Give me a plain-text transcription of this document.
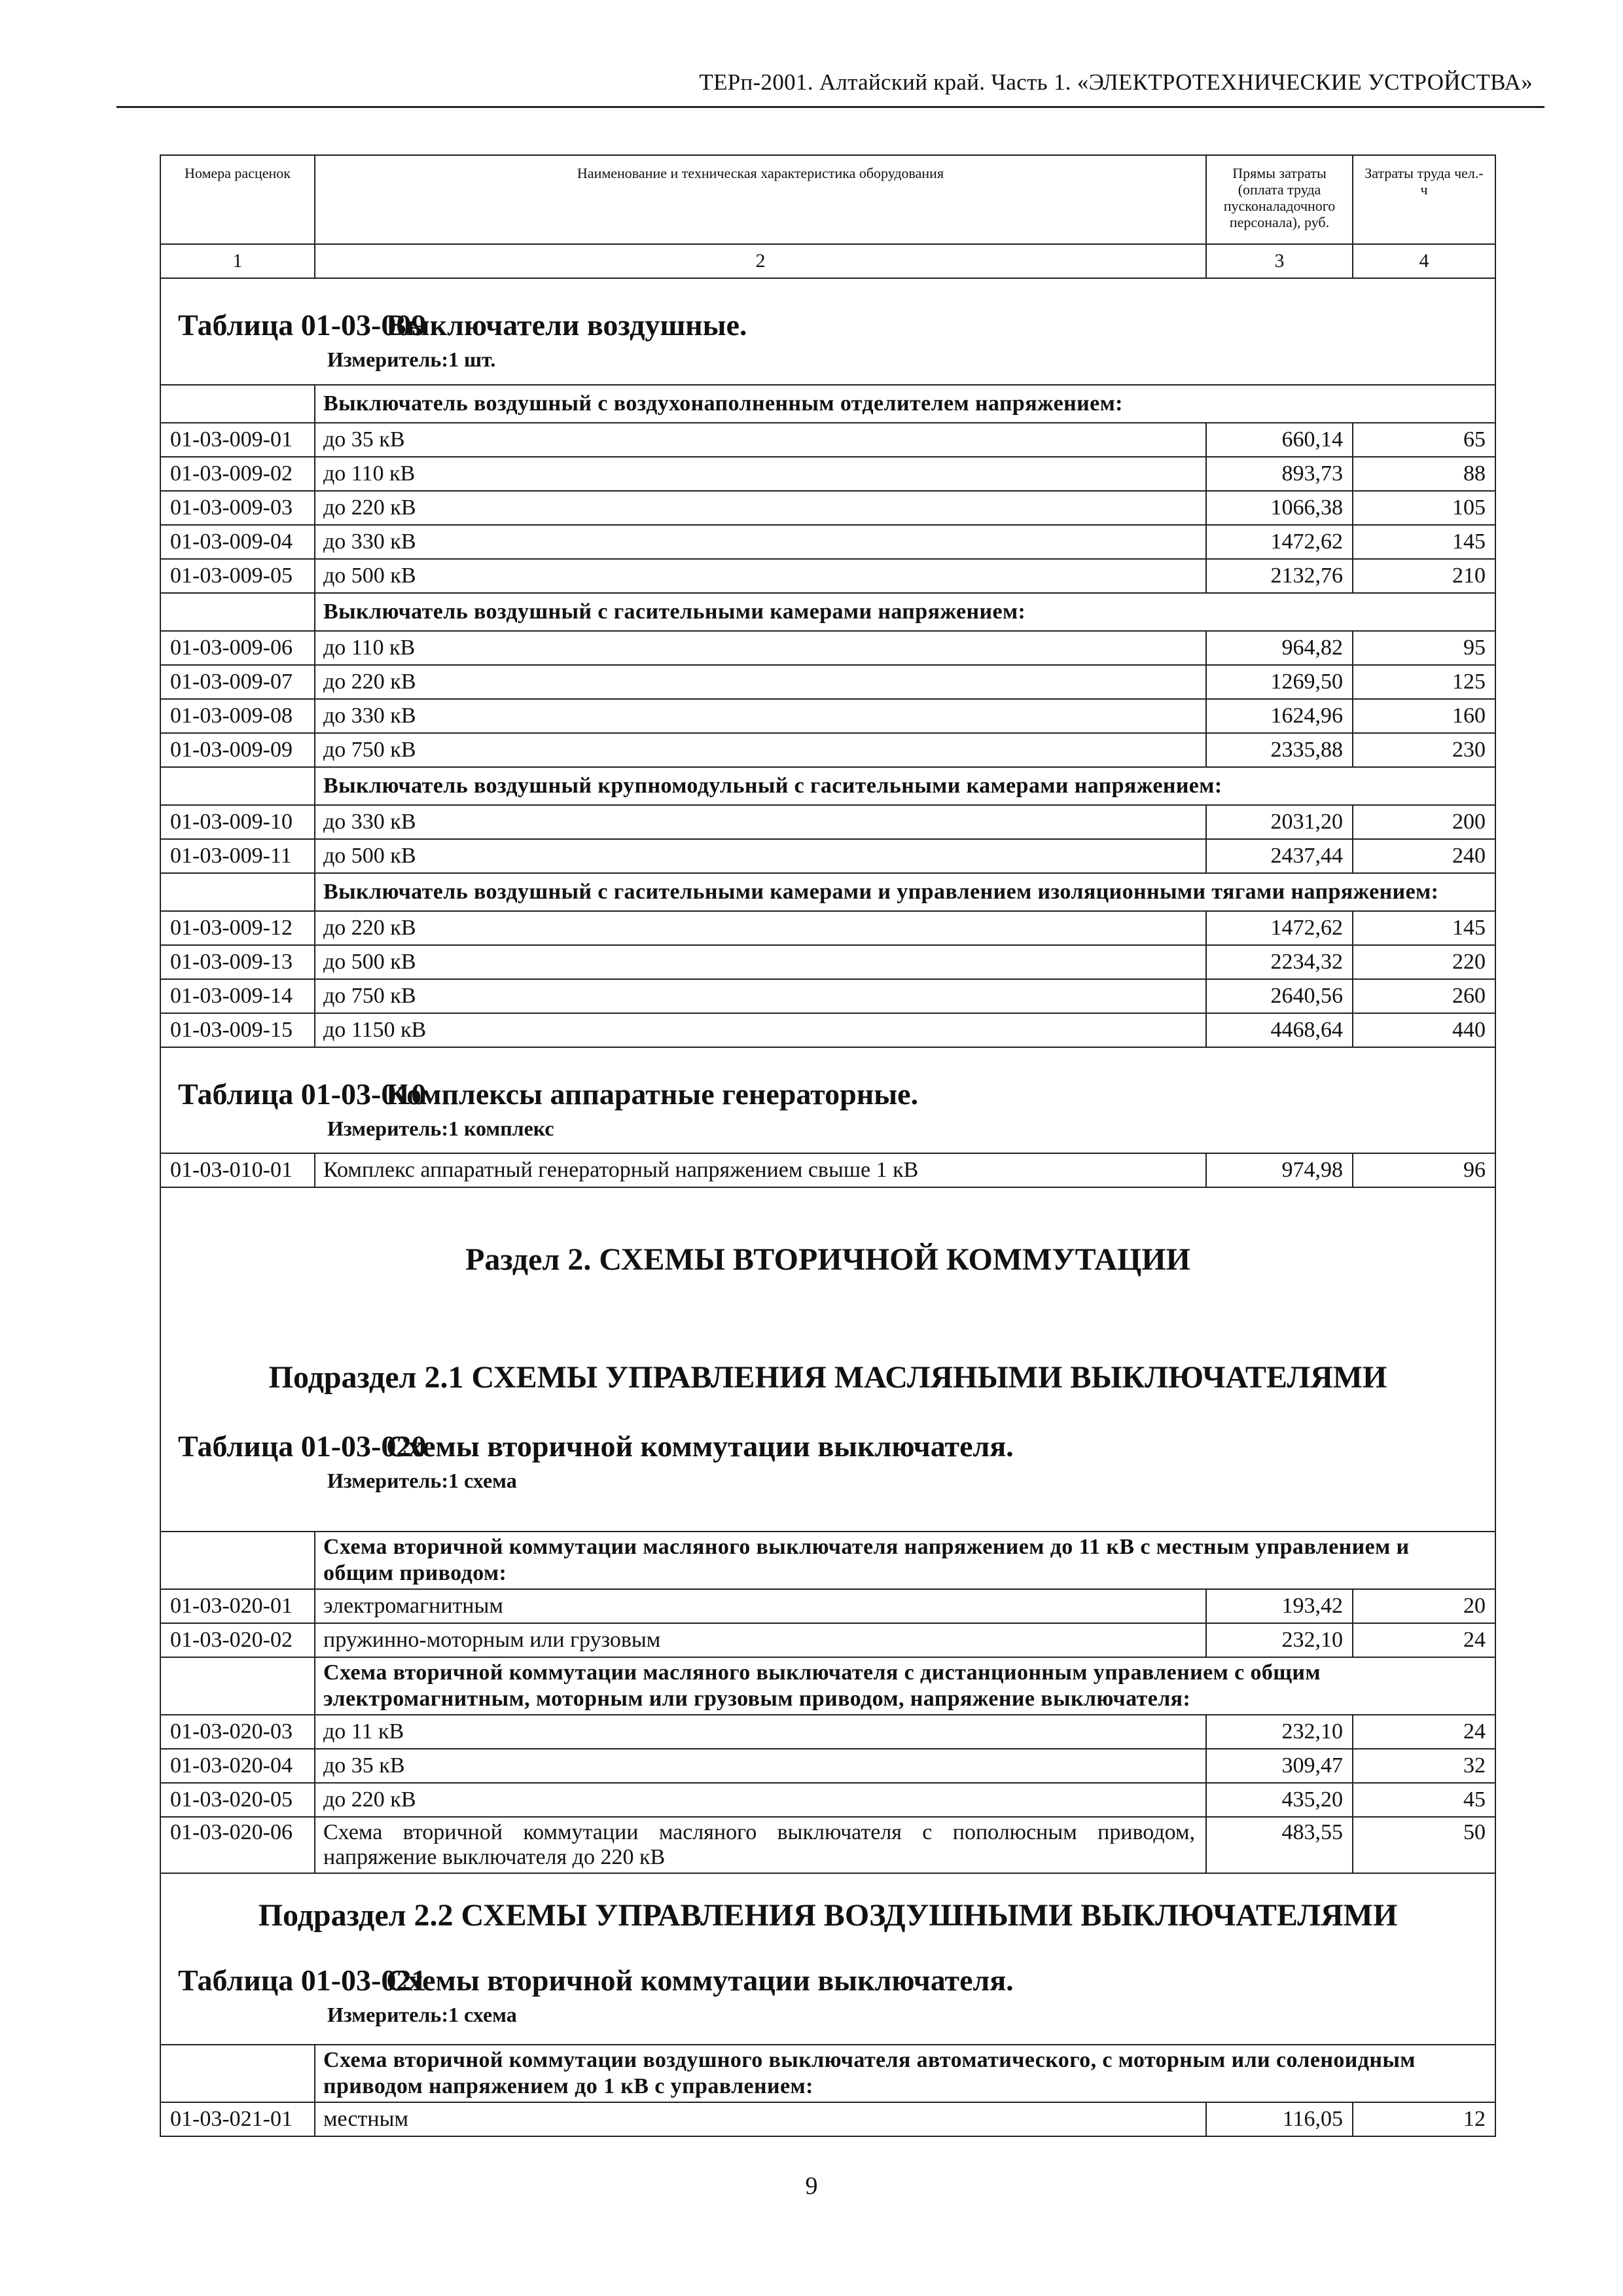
ТЕРп-2001. Алтайский край. Часть 1. «ЭЛЕКТРОТЕХНИЧЕСКИЕ УСТРОЙСТВА»
Номера расценок	Наименование и техническая характеристика оборудования	Прямы затраты (оплата труда пусконаладочного персонала), руб.	Затраты труда чел.-ч
1	2	3	4

Таблица 01-03-009Выключатели воздушные.
Измеритель:1 шт.			

	Выключатель воздушный с воздухонаполненным отделителем напряжением:		
01-03-009-01	до 35 кВ	660,14	65
01-03-009-02	до 110 кВ	893,73	88
01-03-009-03	до 220 кВ	1066,38	105
01-03-009-04	до 330 кВ	1472,62	145
01-03-009-05	до 500 кВ	2132,76	210
	Выключатель воздушный с гасительными камерами напряжением:		
01-03-009-06	до 110 кВ	964,82	95
01-03-009-07	до 220 кВ	1269,50	125
01-03-009-08	до 330 кВ	1624,96	160
01-03-009-09	до 750 кВ	2335,88	230
	Выключатель воздушный крупномодульный с гасительными камерами напряжением:		
01-03-009-10	до 330 кВ	2031,20	200
01-03-009-11	до 500 кВ	2437,44	240
	Выключатель воздушный с гасительными камерами и управлением изоляционными тягами напряжением:		
01-03-009-12	до 220 кВ	1472,62	145
01-03-009-13	до 500 кВ	2234,32	220
01-03-009-14	до 750 кВ	2640,56	260
01-03-009-15	до 1150 кВ	4468,64	440

Таблица 01-03-010Комплексы аппаратные генераторные.
Измеритель:1 комплекс			

01-03-010-01	Комплекс аппаратный генераторный напряжением свыше 1 кВ	974,98	96

Раздел 2. СХЕМЫ ВТОРИЧНОЙ КОММУТАЦИИ
Подраздел 2.1 СХЕМЫ УПРАВЛЕНИЯ МАСЛЯНЫМИ ВЫКЛЮЧАТЕЛЯМИ
Таблица 01-03-020Схемы вторичной коммутации выключателя.
Измеритель:1 схема			

	Схема вторичной коммутации масляного выключателя напряжением до 11 кВ с местным управлением и общим приводом:		
01-03-020-01	электромагнитным	193,42	20
01-03-020-02	пружинно-моторным или грузовым	232,10	24
	Схема вторичной коммутации масляного выключателя с дистанционным управлением с общим электромагнитным, моторным или грузовым приводом, напряжение выключателя:		
01-03-020-03	до 11 кВ	232,10	24
01-03-020-04	до 35 кВ	309,47	32
01-03-020-05	до 220 кВ	435,20	45
01-03-020-06	Схема вторичной коммутации масляного выключателя с пополюсным приводом, напряжение выключателя до 220 кВ	483,55	50

Подраздел 2.2 СХЕМЫ УПРАВЛЕНИЯ ВОЗДУШНЫМИ ВЫКЛЮЧАТЕЛЯМИ
Таблица 01-03-021Схемы вторичной коммутации выключателя.
Измеритель:1 схема			

	Схема вторичной коммутации воздушного выключателя автоматического, с моторным или соленоидным приводом напряжением до 1 кВ с управлением:		
01-03-021-01	местным	116,05	12
9
